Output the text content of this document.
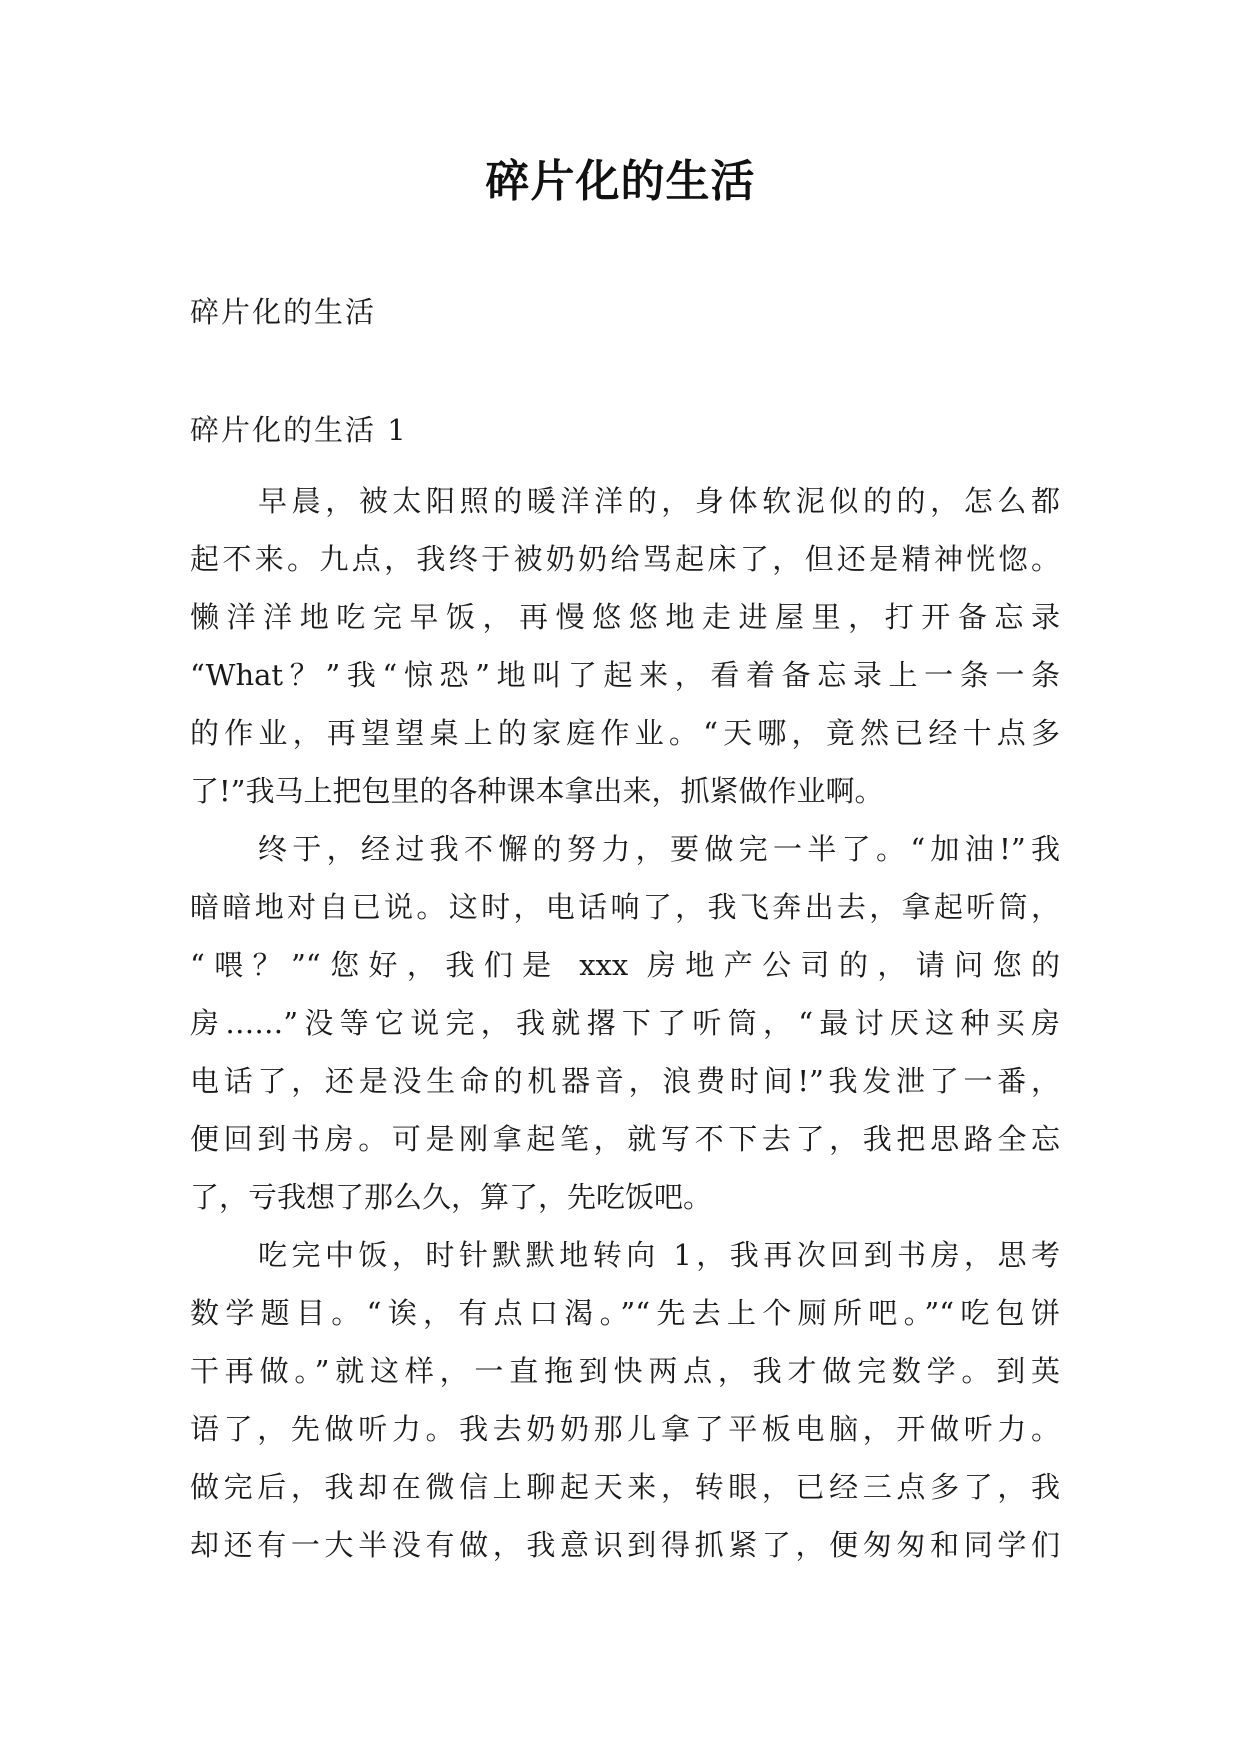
碎片化的生活
碎片化的生活
碎片化的生活 1
早晨，被太阳照的暖洋洋的，身体软泥似的的，怎么都
起不来。九点，我终于被奶奶给骂起床了，但还是精神恍惚。
懒洋洋地吃完早饭，再慢悠悠地走进屋里，打开备忘录
“What？”我“惊恐”地叫了起来，看着备忘录上一条一条
的作业，再望望桌上的家庭作业。“天哪，竟然已经十点多
了!”我马上把包里的各种课本拿出来，抓紧做作业啊。
终于，经过我不懈的努力，要做完一半了。“加油!”我
暗暗地对自已说。这时，电话响了，我飞奔出去，拿起听筒，
“喂？”“您好，我们是 xxx 房地产公司的，请问您的
房……”没等它说完，我就撂下了听筒，“最讨厌这种买房
电话了，还是没生命的机器音，浪费时间!”我发泄了一番，
便回到书房。可是刚拿起笔，就写不下去了，我把思路全忘
了，亏我想了那么久，算了，先吃饭吧。
吃完中饭，时针默默地转向 1，我再次回到书房，思考
数学题目。“诶，有点口渴。”“先去上个厕所吧。”“吃包饼
干再做。”就这样，一直拖到快两点，我才做完数学。到英
语了，先做听力。我去奶奶那儿拿了平板电脑，开做听力。
做完后，我却在微信上聊起天来，转眼，已经三点多了，我
却还有一大半没有做，我意识到得抓紧了，便匆匆和同学们
